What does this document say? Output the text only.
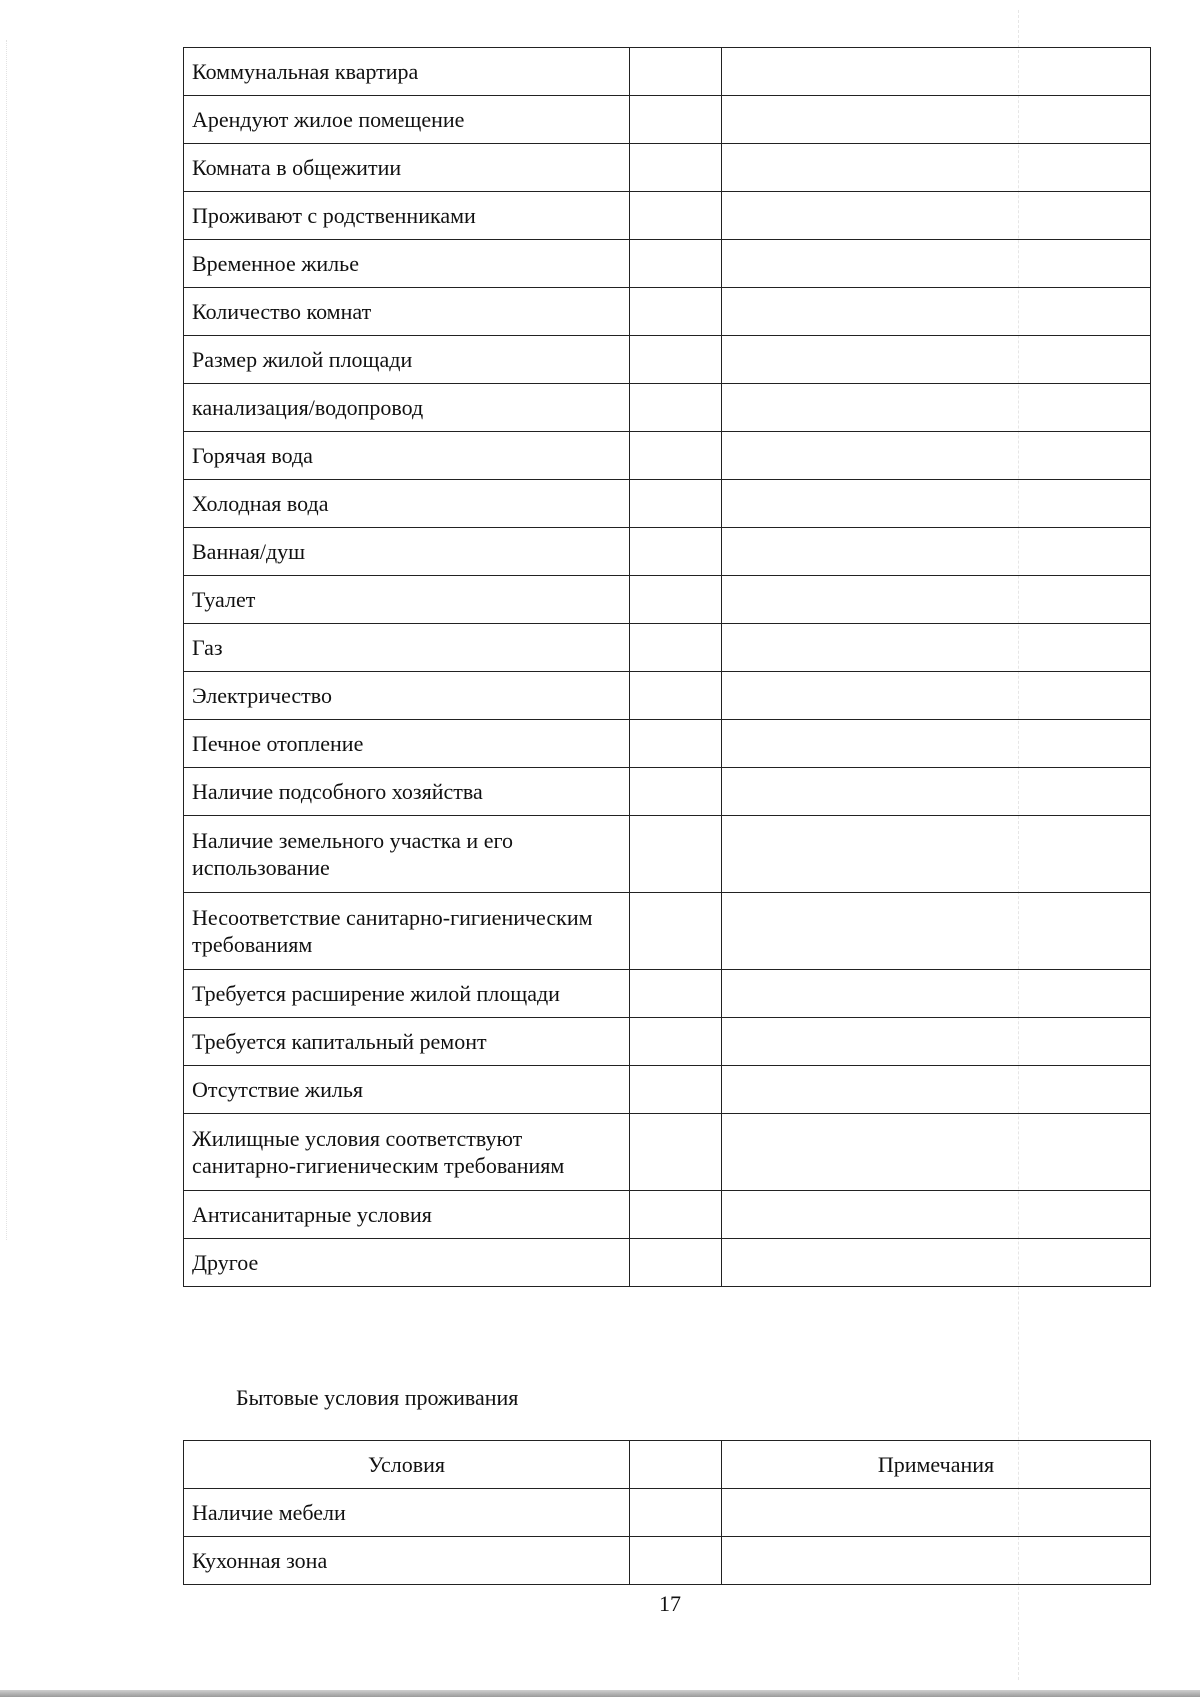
Коммунальная квартира		
Арендуют жилое помещение		
Комната в общежитии		
Проживают с родственниками		
Временное жилье		
Количество комнат		
Размер жилой площади		
канализация/водопровод		
Горячая вода		
Холодная вода		
Ванная/душ		
Туалет		
Газ		
Электричество		
Печное отопление		
Наличие подсобного хозяйства		
Наличие земельного участка и его использование		
Несоответствие санитарно-гигиеническим требованиям		
Требуется расширение жилой площади		
Требуется капитальный ремонт		
Отсутствие жилья		
Жилищные условия соответствуют санитарно-гигиеническим требованиям		
Антисанитарные условия		
Другое		
Бытовые условия проживания
Условия		Примечания
Наличие мебели		
Кухонная зона		
17
